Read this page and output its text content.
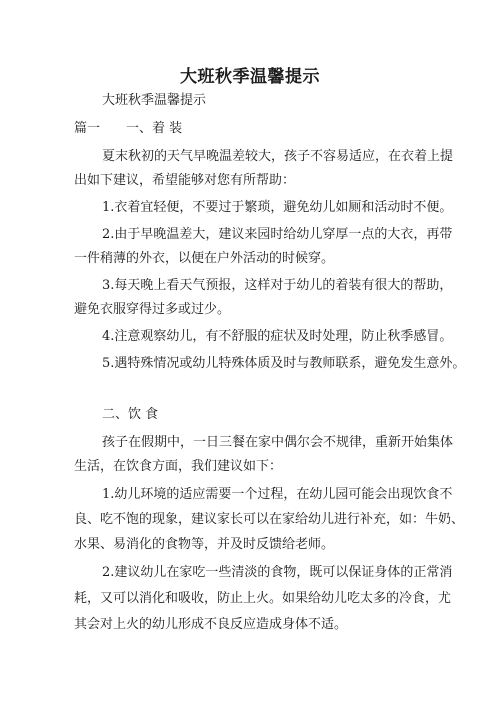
大班秋季温馨提示
大班秋季温馨提示
篇一 一、着 装
夏末秋初的天气早晚温差较大，孩子不容易适应，在衣着上提
出如下建议，希望能够对您有所帮助：
1.衣着宜轻便，不要过于繁琐，避免幼儿如厕和活动时不便。
2.由于早晚温差大，建议来园时给幼儿穿厚一点的大衣，再带
一件稍薄的外衣，以便在户外活动的时候穿。
3.每天晚上看天气预报，这样对于幼儿的着装有很大的帮助，
避免衣服穿得过多或过少。
4.注意观察幼儿，有不舒服的症状及时处理，防止秋季感冒。
5.遇特殊情况或幼儿特殊体质及时与教师联系，避免发生意外。
二、饮 食
孩子在假期中，一日三餐在家中偶尔会不规律，重新开始集体
生活，在饮食方面，我们建议如下：
1.幼儿环境的适应需要一个过程，在幼儿园可能会出现饮食不
良、吃不饱的现象，建议家长可以在家给幼儿进行补充，如：牛奶、
水果、易消化的食物等，并及时反馈给老师。
2.建议幼儿在家吃一些清淡的食物，既可以保证身体的正常消
耗，又可以消化和吸收，防止上火。如果给幼儿吃太多的冷食，尤
其会对上火的幼儿形成不良反应造成身体不适。
